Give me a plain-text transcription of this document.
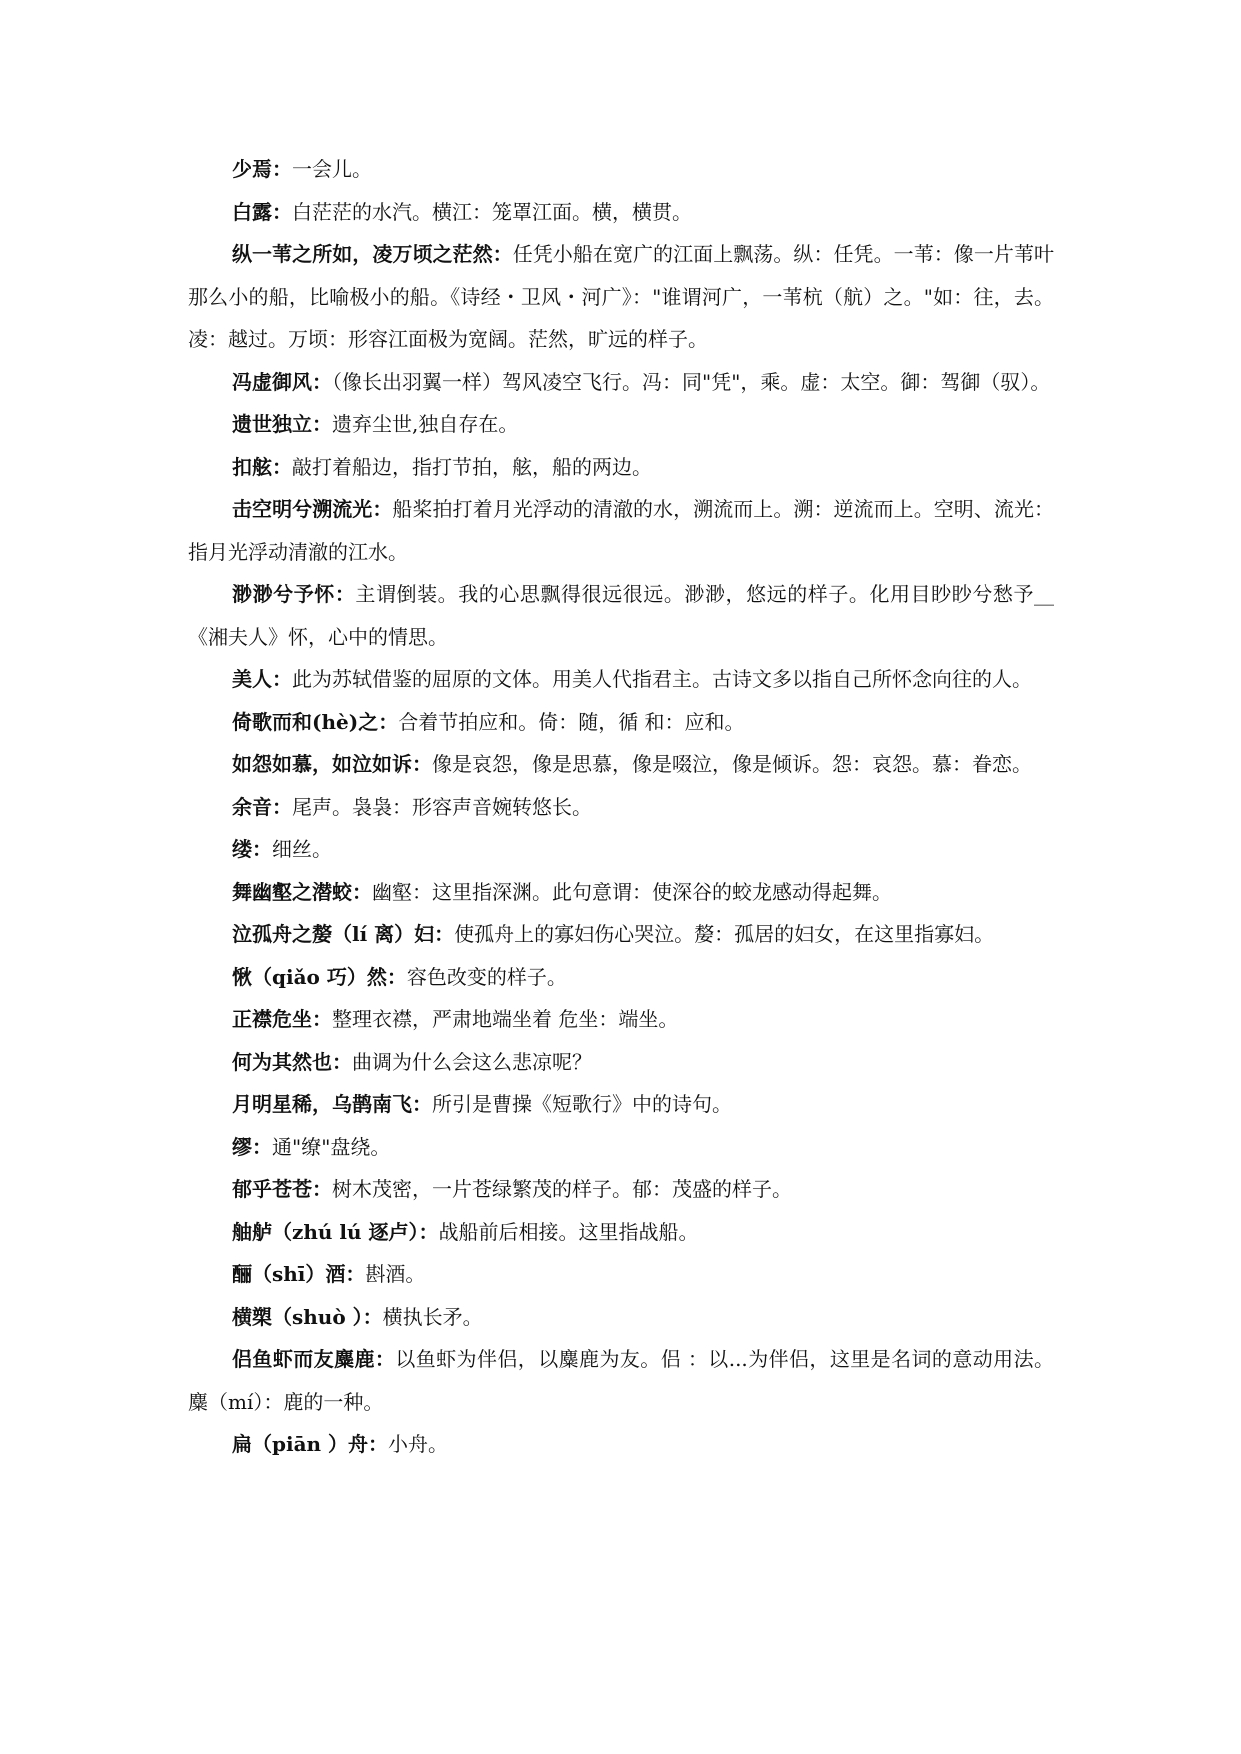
少焉：一会儿。

白露：白茫茫的水汽。横江：笼罩江面。横，横贯。

纵一苇之所如，凌万顷之茫然：任凭小船在宽广的江面上飘荡。纵：任凭。一苇：像一片苇叶那么小的船，比喻极小的船。《诗经・卫风・河广》："谁谓河广，一苇杭（航）之。"如：往，去。凌：越过。万顷：形容江面极为宽阔。茫然，旷远的样子。

冯虚御风：（像长出羽翼一样）驾风凌空飞行。冯：同"凭"，乘。虚：太空。御：驾御（驭）。

遗世独立：遗弃尘世,独自存在。

扣舷：敲打着船边，指打节拍，舷，船的两边。

击空明兮溯流光：船桨拍打着月光浮动的清澈的水，溯流而上。溯：逆流而上。空明、流光：指月光浮动清澈的江水。

渺渺兮予怀：主谓倒装。我的心思飘得很远很远。渺渺，悠远的样子。化用目眇眇兮愁予__《湘夫人》怀，心中的情思。

美人：此为苏轼借鉴的屈原的文体。用美人代指君主。古诗文多以指自己所怀念向往的人。

倚歌而和(hè)之：合着节拍应和。倚：随，循 和：应和。

如怨如慕，如泣如诉：像是哀怨，像是思慕，像是啜泣，像是倾诉。怨：哀怨。慕：眷恋。

余音：尾声。袅袅：形容声音婉转悠长。

缕：细丝。

舞幽壑之潜蛟：幽壑：这里指深渊。此句意谓：使深谷的蛟龙感动得起舞。

泣孤舟之嫠（lí 离）妇：使孤舟上的寡妇伤心哭泣。嫠：孤居的妇女，在这里指寡妇。

愀（qiǎo 巧）然：容色改变的样子。

正襟危坐：整理衣襟，严肃地端坐着 危坐：端坐。

何为其然也：曲调为什么会这么悲凉呢？

月明星稀，乌鹊南飞：所引是曹操《短歌行》中的诗句。

缪：通"缭"盘绕。

郁乎苍苍：树木茂密，一片苍绿繁茂的样子。郁：茂盛的样子。

舳舻（zhú lú 逐卢）：战船前后相接。这里指战船。

酾（shī）酒：斟酒。

横槊（shuò ）：横执长矛。

侣鱼虾而友麋鹿：以鱼虾为伴侣，以麋鹿为友。侣 ：以...为伴侣，这里是名词的意动用法。麋（mí）：鹿的一种。

扁（piān ）舟：小舟。
